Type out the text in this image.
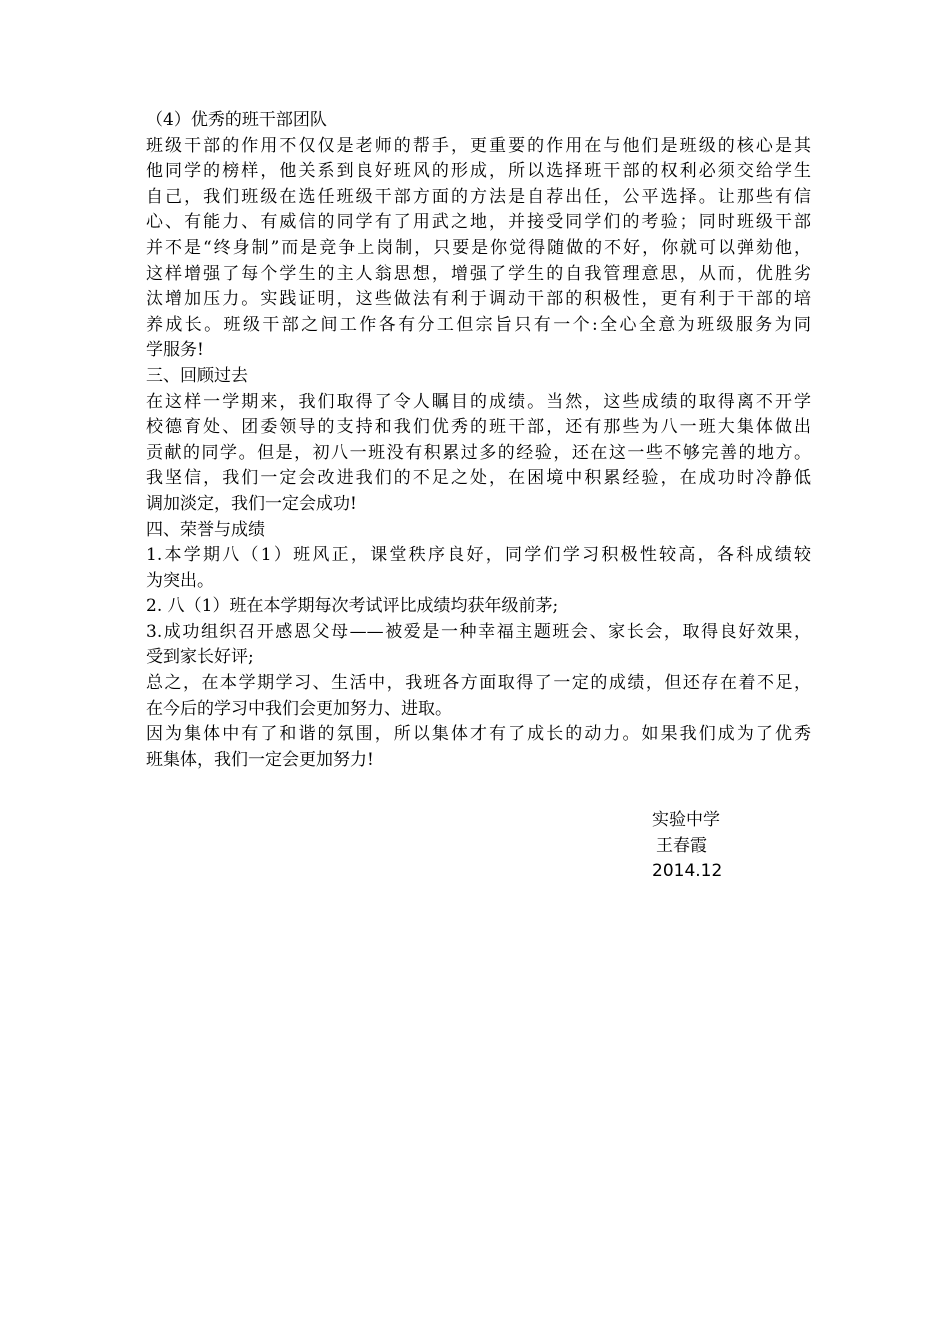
（4）优秀的班干部团队
班级干部的作用不仅仅是老师的帮手，更重要的作用在与他们是班级的核心是其
他同学的榜样，他关系到良好班风的形成，所以选择班干部的权利必须交给学生
自己，我们班级在选任班级干部方面的方法是自荐出任，公平选择。让那些有信
心、有能力、有威信的同学有了用武之地，并接受同学们的考验；同时班级干部
并不是“终身制”而是竞争上岗制，只要是你觉得随做的不好，你就可以弹劾他，
这样增强了每个学生的主人翁思想，增强了学生的自我管理意思，从而，优胜劣
汰增加压力。实践证明，这些做法有利于调动干部的积极性，更有利于干部的培
养成长。班级干部之间工作各有分工但宗旨只有一个:全心全意为班级服务为同
学服务!
三、回顾过去
在这样一学期来，我们取得了令人瞩目的成绩。当然，这些成绩的取得离不开学
校德育处、团委领导的支持和我们优秀的班干部，还有那些为八一班大集体做出
贡献的同学。但是，初八一班没有积累过多的经验，还在这一些不够完善的地方。
我坚信，我们一定会改进我们的不足之处，在困境中积累经验，在成功时冷静低
调加淡定，我们一定会成功!
四、荣誉与成绩
1.本学期八（1）班风正，课堂秩序良好，同学们学习积极性较高，各科成绩较
为突出。
2. 八（1）班在本学期每次考试评比成绩均获年级前茅;
3.成功组织召开感恩父母——被爱是一种幸福主题班会、家长会，取得良好效果，
受到家长好评;
总之，在本学期学习、生活中，我班各方面取得了一定的成绩，但还存在着不足，
在今后的学习中我们会更加努力、进取。
因为集体中有了和谐的氛围，所以集体才有了成长的动力。如果我们成为了优秀
班集体，我们一定会更加努力!
实验中学
王春霞
2014.12
